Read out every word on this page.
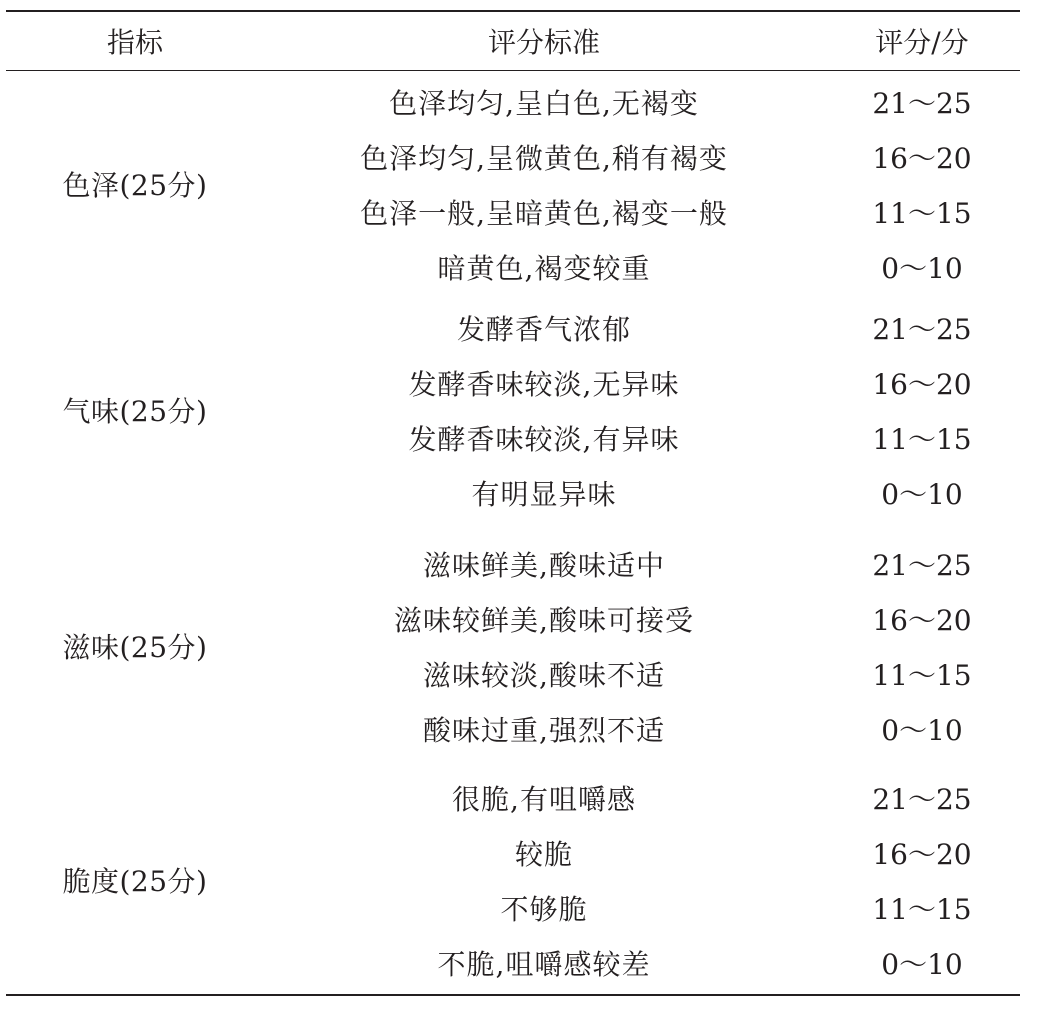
指标	评分标准	评分/分
色泽(25分)
色泽均匀,呈白色,无褐变	21～25
色泽均匀,呈微黄色,稍有褐变	16～20
色泽一般,呈暗黄色,褐变一般	11～15
暗黄色,褐变较重	0～10
气味(25分)
发酵香气浓郁	21～25
发酵香味较淡,无异味	16～20
发酵香味较淡,有异味	11～15
有明显异味	0～10
滋味(25分)
滋味鲜美,酸味适中	21～25
滋味较鲜美,酸味可接受	16～20
滋味较淡,酸味不适	11～15
酸味过重,强烈不适	0～10
脆度(25分)
很脆,有咀嚼感	21～25
较脆	16～20
不够脆	11～15
不脆,咀嚼感较差	0～10
